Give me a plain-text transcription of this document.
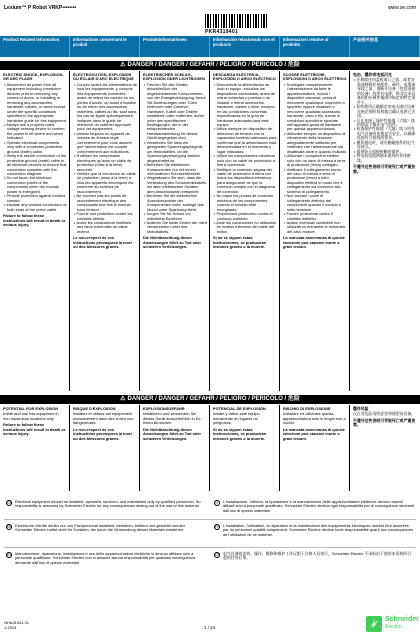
Lexium™ P Robot VRKP••••••••	www.se.com
PKR4319401
Product Related Information	Informations concernant le produit
Produktinformationen	Información relacionada con el producto
Informazioni relative al prodotto
产品相关信息
⚠ DANGER / DANGER / GEFAHR / PELIGRO / PERICOLO / 危险
ELECTRIC SHOCK, EXPLOSION, OR ARC FLASH
• Disconnect all power from all equipment including connected devices prior to removing any covers or doors, or installing or removing any accessories, hardware, cables, or wires except under the specific conditions specified in the appropriate hardware guide for this equipment.
• Always use a properly rated voltage sensing device to confirm the power is off where and when indicated.
• Operate electrical components only with a connected protective ground (earth) cable.
• Verify the secure connection of the protective ground (earth) cable to all electrical devices to ensure that connection complies with the connection diagram.
• Do not touch the electrical connection points of the components when the module power is energized.
• Provide protection against indirect contact.
• Insulate any unused conductors on both ends of the motor cable.
Failure to follow these instructions will result in death or serious injury.
ÉLECTROCUTION, EXPLOSION OU ÉCLAIR D'ARC ÉLECTRIQUE
• Coupez toutes les alimentations de tous les équipements, y compris des équipements connectés, avant de retirer les caches ou les portes d'accès, ou avant d'installer ou de retirer des accessoires, matériels, câbles ou fils, sauf dans les cas de figure spécifiquement indiqués dans le guide de référence du matériel approprié pour cet équipement.
• Utilisez toujours un appareil de mesure de tension réglé correctement pour vous assurer que l'alimentation est coupée conformément aux indications.
• N'utilisez les composants électriques qu'avec un câble de protection (mise à la terre) raccordé.
• Vérifiez que la connexion du câble de protection (mise à la terre) à tous les appareils électriques est conforme au schéma de raccordement.
• Ne touchez pas les points de raccordement électrique des composants une fois le module sous tension.
• Fournir une protection contre les contacts directs.
• Isolez les conducteurs inutilisés aux deux extrémités du câble moteur.
Le non-respect de ces instructions provoquera la mort ou des blessures graves.
ELEKTRISCHER SCHLAG, EXPLOSION ODER LICHTBOGEN
• Trennen Sie alle Geräte, einschließlich der angeschlossenen Komponenten, von der Energieversorgung, bevor Sie Abdeckungen oder Türen entfernen oder Zubehör, Hardware, Kabel oder Drähte installieren oder entfernen, außer unter den spezifischen Bedingungen, die in der entsprechenden Hardwareanleitung für dieses Gerät angegeben sind.
• Verwenden Sie stets ein geeignetes Spannungsprüfgerät, um festzustellen, ob die Spannungsversorgung wirklich abgeschaltet ist.
• Betreiben Sie elektrische Komponenten nur mit einem verbundenen Schutzerdekabel.
• Vergewissern Sie sich, dass die Verbindung des Schutzerdekabels mit allen elektrischen Geräten dem Anschlussplan entspricht.
• Berühren Sie die elektrischen Anschlusspunkte der Komponenten nicht, solange das Modul unter Spannung steht.
• Sorgen Sie für Schutz vor indirektem Berühren.
• Isolieren Sie beide Enden der nicht verwendeten Leiter des Motorkabels.
Die Nichtbeachtung dieser Anweisungen führt zu Tod oder schweren Verletzungen.
DESCARGA ELÉCTRICA, EXPLOSIÓN O ARCO ELÉCTRICO
• Desconecte la alimentación de todo el equipo, incluidos los dispositivos conectados, antes de retirar cubiertas o puertas o de instalar o retirar accesorios, hardware, cables o hilos, excepto en las condiciones concretas especificadas en la guía de hardware adecuada para este equipo.
• Utilice siempre un dispositivo de detección de tensión con la capacidad nominal adecuada para confirmar que la alimentación está desconectada en el momento y lugar indicados.
• Utilice los componentes eléctricos solo con un cable de protección a tierra conectado.
• Verifique la conexión segura del cable de protección a tierra con todos los dispositivos eléctricos para asegurarse de que la conexión cumple con el diagrama de conexión.
• No toque los puntos de conexión eléctrica de los componentes cuando el módulo esté energizado.
• Proporcione protección contra el contacto indirecto.
• Aísle los conductores no utilizados en ambos extremos del cable del motor.
Si no se siguen estas instrucciones, se producirán lesiones graves o la muerte.
SCOSSE ELETTRICHE, ESPLOSIONI O ARCO ELETTRICO
• Scollegare completamente l'alimentazione da tutte le apparecchiature, inclusi i dispositivi connessi, prima di rimuovere qualunque coperchio o sportello oppure installare o rimuovere qualsiasi accessorio, hardware, cavo o filo, tranne in condizioni specifiche riportate nell'apposita guida all'hardware per questa apparecchiatura.
• Utilizzare sempre un dispositivo di rilevamento della tensione adeguatamente calibrato per verificare che l'alimentazione sia disattivata dove e quando indicato.
• Utilizzare i componenti elettrici solo con un cavo di messa a terra di protezione (terra) collegato.
• Verificare il collegamento sicuro del cavo di messa a terra di protezione (terra) a tutti i dispositivi elettrici in modo che il collegamento sia conforme allo schema di collegamento.
• Non toccare i punti di collegamento elettrico dei componenti quando il modulo è sotto tensione.
• Fornire protezione contro il contatto indiretto.
• Isolare eventuali conduttori non utilizzati su entrambe le estremità del cavo motore.
La mancata osservanza di queste istruzioni può causare morte o gravi lesioni.
电击、爆炸或电弧闪光
• 在移除任何盖板或门之前，或者安装或移除任何配件、硬件、电缆或导线之前，请断开设备（包括连接的设备）的所有电源，除非在本设备的相应硬件指南中指定的特定条件下。
• 始终使用正确额定的电压感应设备在指定的时间和地点确认电源已关闭。
• 仅在连接了保护性接地（大地）线的情况下操作电气组件。
• 检查保护性接地（大地）线与所有电气设备的连接是否安全，以确保连接符合接线图要求。
• 模块通电时，请勿触碰组件的电气连接点。
• 提供防止间接接触的保护。
• 将电机电缆两端未使用的导体绝缘。
不遵守这些说明可导致死亡或严重伤害。
⚠ DANGER / DANGER / GEFAHR / PELIGRO / PERICOLO / 危险
POTENTIAL FOR EXPLOSION
Install and use this equipment in non-hazardous locations only.
Failure to follow these instructions will result in death or serious injury.
RISQUE D'EXPLOSION
Installez et utilisez cet équipement exclusivement dans des zones non dangereuses.
Le non-respect de ces instructions provoquera la mort ou des blessures graves.
EXPLOSIONSGEFAHR
Installieren und verwenden Sie dieses Gerät ausschließlich in Ex-freien Bereichen.
Die Nichtbeachtung dieser Anweisungen führt zu Tod oder schweren Verletzungen.
POTENCIAL DE EXPLOSIÓN
Instale y utilice este equipo únicamente en lugares no peligrosos.
Si no se siguen estas instrucciones, se producirán lesiones graves o la muerte.
RISCHIO DI ESPLOSIONE
Installare ed utilizzare questa apparecchiatura solo in luoghi non a rischio.
La mancata osservanza di queste istruzioni può causare morte o gravi lesioni.
爆炸风险
仅在非危险场所安装和使用该设备。
不遵守这些说明可导致死亡或严重伤害。
GB Electrical equipment should be installed, operated, serviced, and maintained only by qualified personnel. No responsibility is assumed by Schneider Electric for any consequences arising out of the use of this material.
IT	L'installazione, l'utilizzo, la riparazione e la manutenzione delle apparecchiature elettriche devono essere affidati solo a personale qualificato. Schneider Electric declina ogni responsabilità per le conseguenze derivanti dall'uso di questo materiale.
DE Elektrische Geräte dürfen nur von Fachpersonal installiert, betrieben, bedient und gewartet werden. Schneider Electric haftet nicht für Schäden, die durch die Verwendung dieses Materials entstehen.
FR L'installation, l'utilisation, la réparation et la maintenance des équipements électriques doivent être assurées par du personnel qualifié uniquement. Schneider Electric décline toute responsabilité quant aux conséquences de l'utilisation de ce matériel.
ES Manutenzione, riparazione, installazione e uso delle apparecchiature elettriche si devono affidare solo a personale qualificato. Schneider Electric non si assume alcuna responsabilità per qualsiasi conseguenza derivante dall'uso di questo materiale.
CN 电气设备的安装、操作、维修和维护工作仅限于合格人员执行。Schneider Electric 不承担由于使用本资料所引起的任何后果。
NHA31941 01
1-2024	1 / 24
Schneider
Electric
